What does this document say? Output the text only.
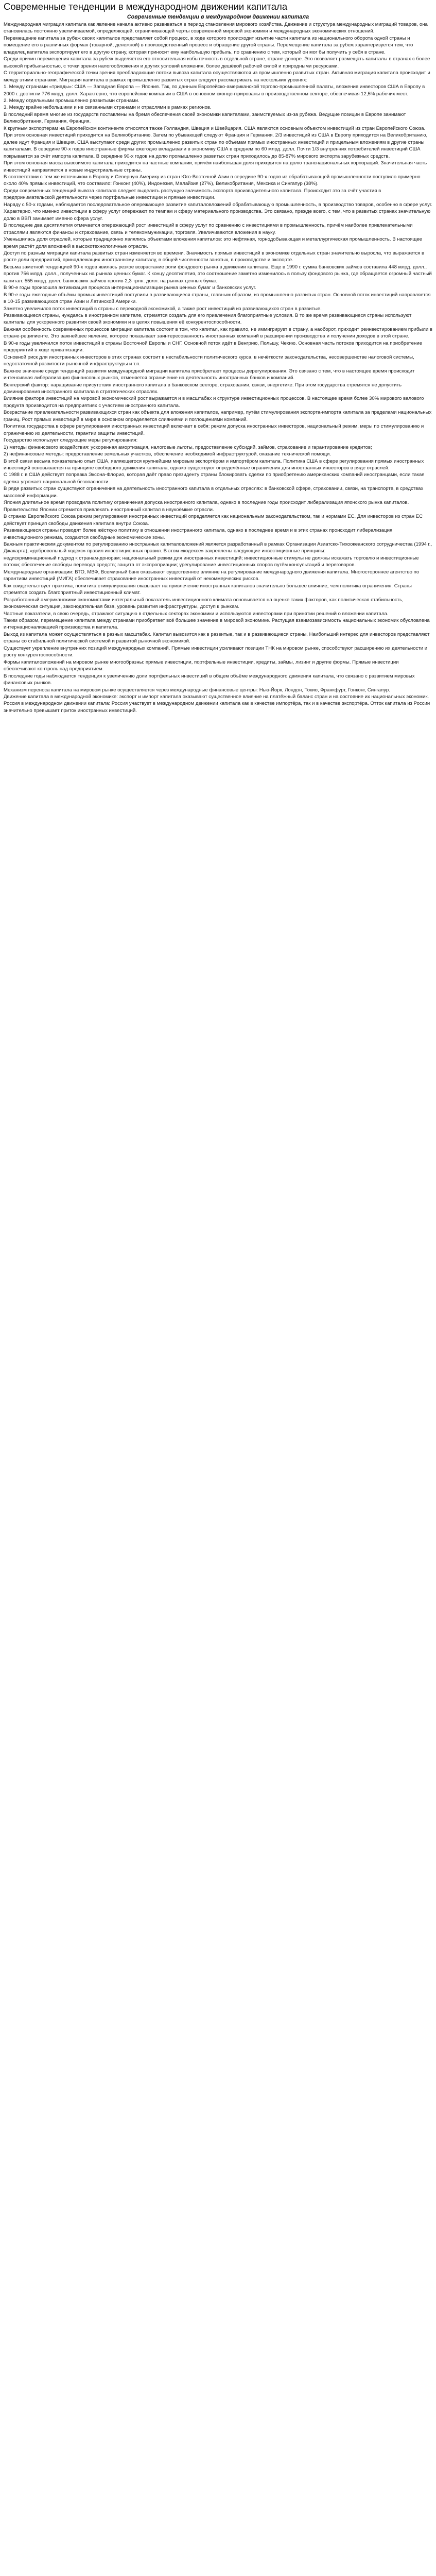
Современные тенденции в международном движении капитала
Современные тенденции в международном движении капитала

Международная миграция капитала как явление начала активно развиваться в период становления мирового хозяйства. Движение и структура международных миграций товаров, она становилась постоянно увеличиваемой, определяющей, ограничивающей черты современной мировой экономики и международных экономических отношений.

Перемещение капитала за рубеж своих капиталов представляет собой процесс, в ходе которого происходит изъятие части капитала из национального оборота одной страны и помещение его в различных формах (товарной, денежной) в производственный процесс и обращение другой страны. Перемещение капитала за рубеж характеризуется тем, что владелец капитала экспортирует его в другую страну, которая приносит ему наибольшую прибыль, по сравнению с тем, который он мог бы получить у себя в стране.

Среди причин перемещения капитала за рубеж выделяется его относительная избыточность в отдельной стране, стране-доноре. Это позволяет размещать капиталы в странах с более высокой прибыльностью, с точки зрения налогообложения и других условий вложения, более дешёвой рабочей силой и природными ресурсами.

С территориально-географической точки зрения преобладающие потоки вывоза капитала осуществляются из промышленно развитых стран. Активная миграция капитала происходит и между этими странами. Миграция капитала в рамках промышленно развитых стран следует рассматривать на нескольких уровнях:

1. Между странами «триады»: США — Западная Европа — Япония. Так, по данным Европейско-американской торгово-промышленной палаты, вложения инвесторов США в Европу в 2000 г. достигли 776 млрд. долл. Характерно, что европейские компании в США в основном сконцентрированы в производственном секторе, обеспечивая 12,5% рабочих мест.

2. Между отдельными промышленно развитыми странами.

3. Между крайне небольшими и не связанными странами и отраслями в рамках регионов.

В последний время многие из государств поставлены на бремя обеспечения своей экономики капиталами, заимствуемых из-за рубежа. Ведущие позиции в Европе занимают Великобритания, Германия, Франция.

К крупным экспортерам на Европейском континенте относятся также Голландия, Швеция и Швейцария. США являются основным объектом инвестиций из стран Европейского Союза. При этом основная инвестиций приходится на Великобританию. Затем по убывающей следуют Франция и Германия. 2/3 инвестиций из США в Европу приходится на Великобританию, далее идут Франция и Швеция. США выступают среди других промышленно развитых стран по объёмам прямых иностранных инвестиций и прицельным вложениям в другие страны капиталами. В середине 90-х годов иностранные фирмы ежегодно вкладывали в экономику США в среднем по 60 млрд. долл. Почти 1/3 внутренних потребителей инвестиций США покрывается за счёт импорта капитала. В середине 90-х годов на долю промышленно развитых стран приходилось до 85-87% мирового экспорта зарубежных средств.

При этом основная масса вывозимого капитала приходится на частные компании, причём наибольшая доля приходится на долю транснациональных корпораций. Значительная часть инвестиций направляется в новые индустриальные страны.

В соответствии с тем же источником в Европу и Северную Америку из стран Юго-Восточной Азии в середине 90-х годов из обрабатывающей промышленности поступило примерно около 40% прямых инвестиций, что составило: Гонконг (40%), Индонезия, Малайзия (27%), Великобритания, Мексика и Сингапур (38%).

Среди современных тенденций вывоза капитала следует выделить растущую значимость экспорта производительного капитала. Происходит это за счёт участия в предпринимательской деятельности через портфельные инвестиции и прямые инвестиции.

Наряду с 50-х годами, наблюдается последовательное опережающее развитие капиталовложений обрабатывающую промышленность, в производство товаров, особенно в сфере услуг.

Характерно, что именно инвестиции в сферу услуг опережают по темпам и сферу материального производства. Это связано, прежде всего, с тем, что в развитых странах значительную долю в ВВП занимает именно сфера услуг.

В последние два десятилетия отмечается опережающий рост инвестиций в сферу услуг по сравнению с инвестициями в промышленность, причём наиболее привлекательными отраслями являются финансы и страхование, связь и телекоммуникации, торговля. Увеличиваются вложения в науку.

Уменьшилась доля отраслей, которые традиционно являлись объектами вложения капиталов: это нефтяная, горнодобывающая и металлургическая промышленность. В настоящее время растёт доля вложений в высокотехнологичные отрасли.

Доступ по разным миграции капитала развитых стран изменяется во времени. Значимость прямых инвестиций в экономике отдельных стран значительно выросла, что выражается в росте доли предприятий, принадлежащих иностранному капиталу, в общей численности занятых, в производстве и экспорте.

Весьма заметной тенденцией 90-х годов явилась резкое возрастание роли фондового рынка в движении капитала. Еще в 1990 г. сумма банковских займов составила 448 млрд. долл., против 756 млрд. долл., полученных на рынках ценных бумаг. К концу десятилетия, это соотношение заметно изменилось в пользу фондового рынка, где обращается огромный частный капитал: 555 млрд. долл. банковских займов против 2,3 трлн. долл. на рынках ценных бумаг.

В 90-е годы произошла активизация процесса интернационализации рынка ценных бумаг и банковских услуг.

В 90-е годы ежегодные объёмы прямых инвестиций поступили в развивающиеся страны, главным образом, из промышленно развитых стран. Основной поток инвестиций направляется в 10-15 развивающихся стран Азии и Латинской Америки.

Заметно увеличился поток инвестиций в страны с переходной экономикой, а также рост инвестиций из развивающихся стран в развитые.

Развивающиеся страны, нуждаясь в иностранном капитале, стремятся создать для его привлечения благоприятные условия. В то же время развивающиеся страны используют капиталы для ускоренного развития своей экономики и в целях повышения её конкурентоспособности.

Важная особенность современных процессов миграции капитала состоит в том, что капитал, как правило, не иммигрирует в страну, а наоборот, приходит реинвестированием прибыли в стране-реципиенте. Это важнейшее явление, которое показывает заинтересованность иностранных компаний в расширении производства и получении доходов в этой стране.

В 90-е годы увеличился поток инвестиций в страны Восточной Европы и СНГ. Основной поток идёт в Венгрию, Польшу, Чехию. Основная часть потоков приходится на приобретение предприятий в ходе приватизации.

Основной риск для иностранных инвесторов в этих странах состоит в нестабильности политического курса, в нечёткости законодательства, несовершенстве налоговой системы, недостаточной развитости рыночной инфраструктуры и т.п.

Важное значение среди тенденций развития международной миграции капитала приобретают процессы дерегулирования. Это связано с тем, что в настоящее время происходит интенсивная либерализация финансовых рынков, отменяется ограничение на деятельность иностранных банков и компаний.

Венгерский фактор: наращивание присутствия иностранного капитала в банковском секторе, страховании, связи, энергетике. При этом государства стремятся не допустить доминирования иностранного капитала в стратегических отраслях.

Влияние фактора инвестиций на мировой экономический рост выражается и в масштабах и структуре инвестиционных процессов. В настоящее время более 30% мирового валового продукта производится на предприятиях с участием иностранного капитала.

Возрастание привлекательности развивающихся стран как объекта для вложения капиталов, например, путём стимулирования экспорта-импорта капитала за пределами национальных границ. Рост прямых инвестиций в мире в основном определяется слияниями и поглощениями компаний.

Политика государства в сфере регулирования иностранных инвестиций включает в себя: режим допуска иностранных инвесторов, национальный режим, меры по стимулированию и ограничению их деятельности, гарантии защиты инвестиций.

Государство использует следующие меры регулирования:

1) методы финансового воздействия: ускоренная амортизация, налоговые льготы, предоставление субсидий, займов, страхование и гарантирование кредитов;

2) нефинансовые методы: предоставление земельных участков, обеспечение необходимой инфраструктурой, оказание технической помощи.

В этой связи весьма показательно опыт США, являющегося крупнейшим мировым экспортёром и импортёром капитала. Политика США в сфере регулирования прямых иностранных инвестиций основывается на принципе свободного движения капитала, однако существуют определённые ограничения для иностранных инвесторов в ряде отраслей.

С 1988 г. в США действует поправка Эксона-Флорио, которая даёт право президенту страны блокировать сделки по приобретению американских компаний иностранцами, если такая сделка угрожает национальной безопасности.

В ряде развитых стран существуют ограничения на деятельность иностранного капитала в отдельных отраслях: в банковской сфере, страховании, связи, на транспорте, в средствах массовой информации.

Япония длительное время проводила политику ограничения допуска иностранного капитала, однако в последние годы происходит либерализация японского рынка капиталов. Правительство Японии стремится привлекать иностранный капитал в наукоёмкие отрасли.

В странах Европейского Союза режим регулирования иностранных инвестиций определяется как национальным законодательством, так и нормами ЕС. Для инвесторов из стран ЕС действует принцип свободы движения капитала внутри Союза.

Развивающиеся страны проводят более жёсткую политику в отношении иностранного капитала, однако в последнее время и в этих странах происходит либерализация инвестиционного режима, создаются свободные экономические зоны.

Важным практическим документом по регулированию иностранных капиталовложений является разработанный в рамках Организации Азиатско-Тихоокеанского сотрудничества (1994 г., Джакарта), «добровольный кодекс» правил инвестиционных правил. В этом «кодексе» закреплены следующие инвестиционные принципы:

недискриминационный подход к странам-донорам; национальный режим для иностранных инвестиций; инвестиционные стимулы не должны искажать торговлю и инвестиционные потоки; обеспечение свободы перевода средств; защита от экспроприации; урегулирование инвестиционных споров путём консультаций и переговоров.

Международные организации: ВТО, МВФ, Всемирный банк оказывают существенное влияние на регулирование международного движения капитала. Многостороннее агентство по гарантиям инвестиций (МИГА) обеспечивает страхование иностранных инвестиций от некоммерческих рисков.

Как свидетельствует практика, политика стимулирования оказывает на привлечение иностранных капиталов значительно большее влияние, чем политика ограничения. Страны стремятся создать благоприятный инвестиционный климат.

Разработанный американскими экономистами интегральный показатель инвестиционного климата основывается на оценке таких факторов, как политическая стабильность, экономическая ситуация, законодательная база, уровень развития инфраструктуры, доступ к рынкам.

Частные показатели, в свою очередь, отражают ситуацию в отдельных секторах экономики и используются инвесторами при принятии решений о вложении капитала.

Таким образом, перемещение капитала между странами приобретает всё большее значение в мировой экономике. Растущая взаимозависимость национальных экономик обусловлена интернационализацией производства и капитала.

Выход из капитала может осуществляться в разных масштабах. Капитал вывозится как в развитые, так и в развивающиеся страны. Наибольший интерес для инвесторов представляют страны со стабильной политической системой и развитой рыночной экономикой.

Существует укрепление внутренних позиций международных компаний. Прямые инвестиции усиливают позиции ТНК на мировом рынке, способствуют расширению их деятельности и росту конкурентоспособности.

Формы капиталовложений на мировом рынке многообразны: прямые инвестиции, портфельные инвестиции, кредиты, займы, лизинг и другие формы. Прямые инвестиции обеспечивают контроль над предприятием.

В последние годы наблюдается тенденция к увеличению доли портфельных инвестиций в общем объёме международного движения капитала, что связано с развитием мировых финансовых рынков.

Механизм переноса капитала на мировом рынке осуществляется через международные финансовые центры: Нью-Йорк, Лондон, Токио, Франкфурт, Гонконг, Сингапур.

Движение капитала в международной экономике: экспорт и импорт капитала оказывают существенное влияние на платёжный баланс стран и на состояние их национальных экономик.

Россия в международном движении капитала: Россия участвует в международном движении капитала как в качестве импортёра, так и в качестве экспортёра. Отток капитала из России значительно превышает приток иностранных инвестиций.
